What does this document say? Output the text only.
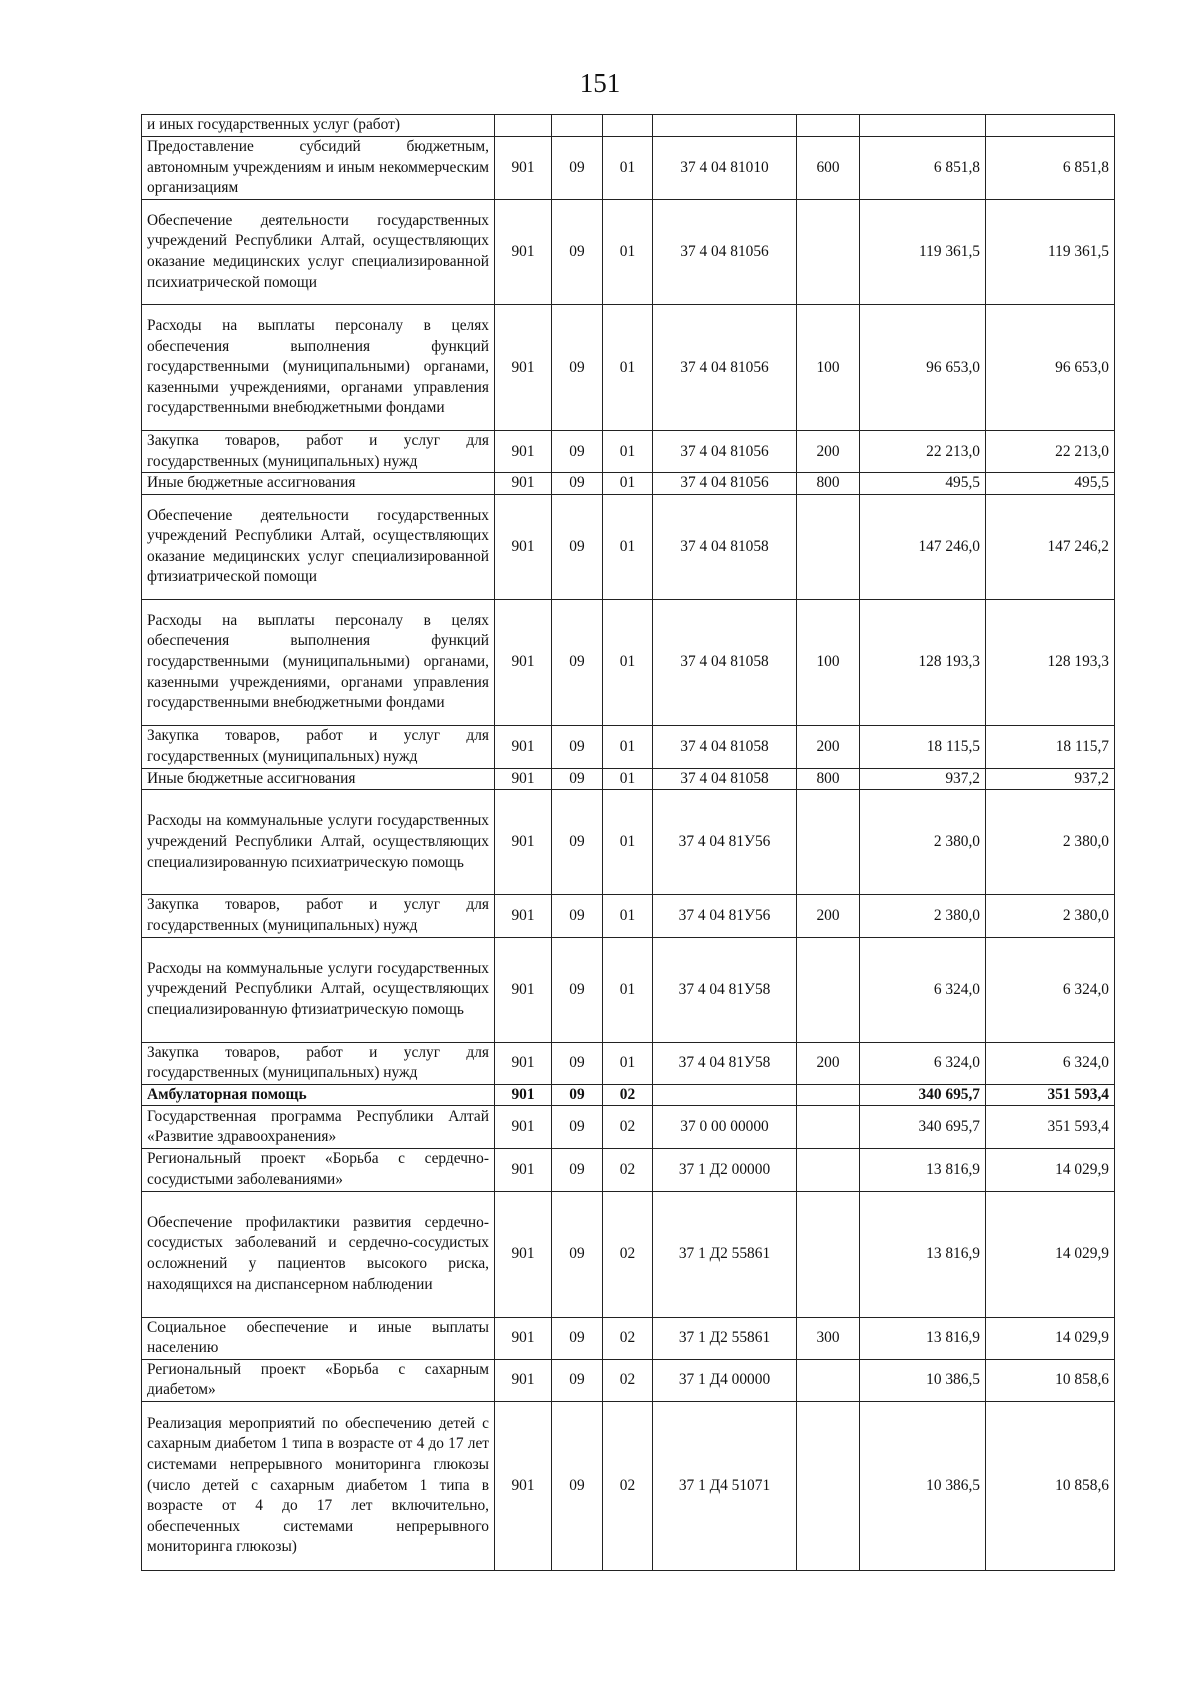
151
и иных государственных услуг (работ)							
Предоставление субсидий бюджетным, автономным учреждениям и иным некоммерческим организациям	901	09	01	37 4 04 81010	600	6 851,8	6 851,8
Обеспечение деятельности государственных учреждений Республики Алтай, осуществляющих оказание медицинских услуг специализированной психиатрической помощи	901	09	01	37 4 04 81056		119 361,5	119 361,5
Расходы на выплаты персоналу в целях обеспечения выполнения функций государственными (муниципальными) органами, казенными учреждениями, органами управления государственными внебюджетными фондами	901	09	01	37 4 04 81056	100	96 653,0	96 653,0
Закупка товаров, работ и услуг для государственных (муниципальных) нужд	901	09	01	37 4 04 81056	200	22 213,0	22 213,0
Иные бюджетные ассигнования	901	09	01	37 4 04 81056	800	495,5	495,5
Обеспечение деятельности государственных учреждений Республики Алтай, осуществляющих оказание медицинских услуг специализированной фтизиатрической помощи	901	09	01	37 4 04 81058		147 246,0	147 246,2
Расходы на выплаты персоналу в целях обеспечения выполнения функций государственными (муниципальными) органами, казенными учреждениями, органами управления государственными внебюджетными фондами	901	09	01	37 4 04 81058	100	128 193,3	128 193,3
Закупка товаров, работ и услуг для государственных (муниципальных) нужд	901	09	01	37 4 04 81058	200	18 115,5	18 115,7
Иные бюджетные ассигнования	901	09	01	37 4 04 81058	800	937,2	937,2
Расходы на коммунальные услуги государственных учреждений Республики Алтай, осуществляющих специализированную психиатрическую помощь	901	09	01	37 4 04 81У56		2 380,0	2 380,0
Закупка товаров, работ и услуг для государственных (муниципальных) нужд	901	09	01	37 4 04 81У56	200	2 380,0	2 380,0
Расходы на коммунальные услуги государственных учреждений Республики Алтай, осуществляющих специализированную фтизиатрическую помощь	901	09	01	37 4 04 81У58		6 324,0	6 324,0
Закупка товаров, работ и услуг для государственных (муниципальных) нужд	901	09	01	37 4 04 81У58	200	6 324,0	6 324,0
Амбулаторная помощь	901	09	02			340 695,7	351 593,4
Государственная программа Республики Алтай «Развитие здравоохранения»	901	09	02	37 0 00 00000		340 695,7	351 593,4
Региональный проект «Борьба с сердечно-сосудистыми заболеваниями»	901	09	02	37 1 Д2 00000		13 816,9	14 029,9
Обеспечение профилактики развития сердечно-сосудистых заболеваний и сердечно-сосудистых осложнений у пациентов высокого риска, находящихся на диспансерном наблюдении	901	09	02	37 1 Д2 55861		13 816,9	14 029,9
Социальное обеспечение и иные выплаты населению	901	09	02	37 1 Д2 55861	300	13 816,9	14 029,9
Региональный проект «Борьба с сахарным диабетом»	901	09	02	37 1 Д4 00000		10 386,5	10 858,6
Реализация мероприятий по обеспечению детей с сахарным диабетом 1 типа в возрасте от 4 до 17 лет системами непрерывного мониторинга глюкозы (число детей с сахарным диабетом 1 типа в возрасте от 4 до 17 лет включительно, обеспеченных системами непрерывного мониторинга глюкозы)	901	09	02	37 1 Д4 51071		10 386,5	10 858,6
